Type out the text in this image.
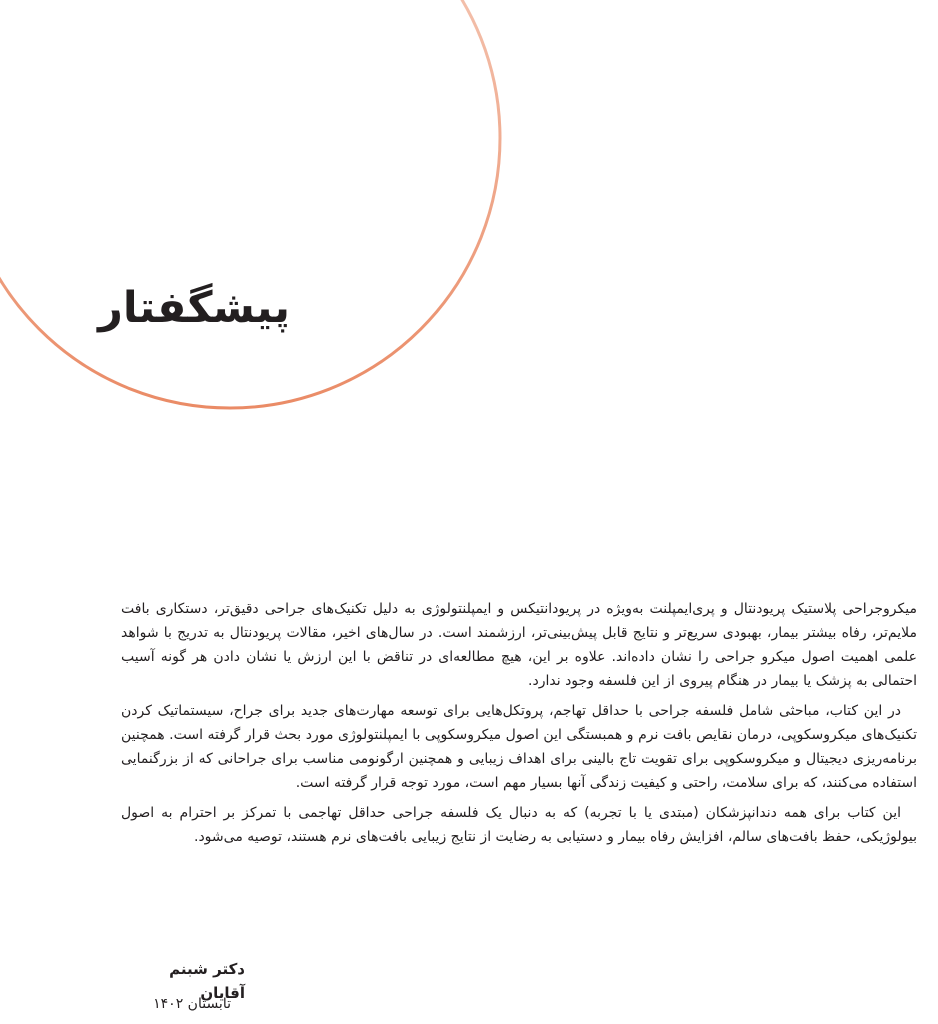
پیشگفتار

میکروجراحی پلاستیک پریودنتال و پری‌ایمپلنت به‌ویژه در پریودانتیکس و ایمپلنتولوژی به دلیل تکنیک‌های جراحی دقیق‌تر، دستکاری بافت ملایم‌تر، رفاه بیشتر بیمار، بهبودی سریع‌تر و نتایج قابل پیش‌بینی‌تر، ارزشمند است. در سال‌های اخیر، مقالات پریودنتال به تدریج با شواهد علمی اهمیت اصول میکرو جراحی را نشان داده‌اند. علاوه بر این، هیچ مطالعه‌ای در تناقض با این ارزش یا نشان دادن هر گونه آسیب احتمالی به پزشک یا بیمار در هنگام پیروی از این فلسفه وجود ندارد.

در این کتاب، مباحثی شامل فلسفه جراحی با حداقل تهاجم، پروتکل‌هایی برای توسعه مهارت‌های جدید برای جراح، سیستماتیک کردن تکنیک‌های میکروسکوپی، درمان نقایص بافت نرم و همبستگی این اصول میکروسکوپی با ایمپلنتولوژی مورد بحث قرار گرفته است. همچنین برنامه‌ریزی دیجیتال و میکروسکوپی برای تقویت تاج بالینی برای اهداف زیبایی و همچنین ارگونومی مناسب برای جراحانی که از بزرگنمایی استفاده می‌کنند، که برای سلامت، راحتی و کیفیت زندگی آنها بسیار مهم است، مورد توجه قرار گرفته است.

این کتاب برای همه دندانپزشکان (مبتدی یا با تجربه) که به دنبال یک فلسفه جراحی حداقل تهاجمی با تمرکز بر احترام به اصول بیولوژیکی، حفظ بافت‌های سالم، افزایش رفاه بیمار و دستیابی به رضایت از نتایج زیبایی بافت‌های نرم هستند، توصیه می‌شود.

دکتر شبنم آقایان
تابستان ۱۴۰۲
